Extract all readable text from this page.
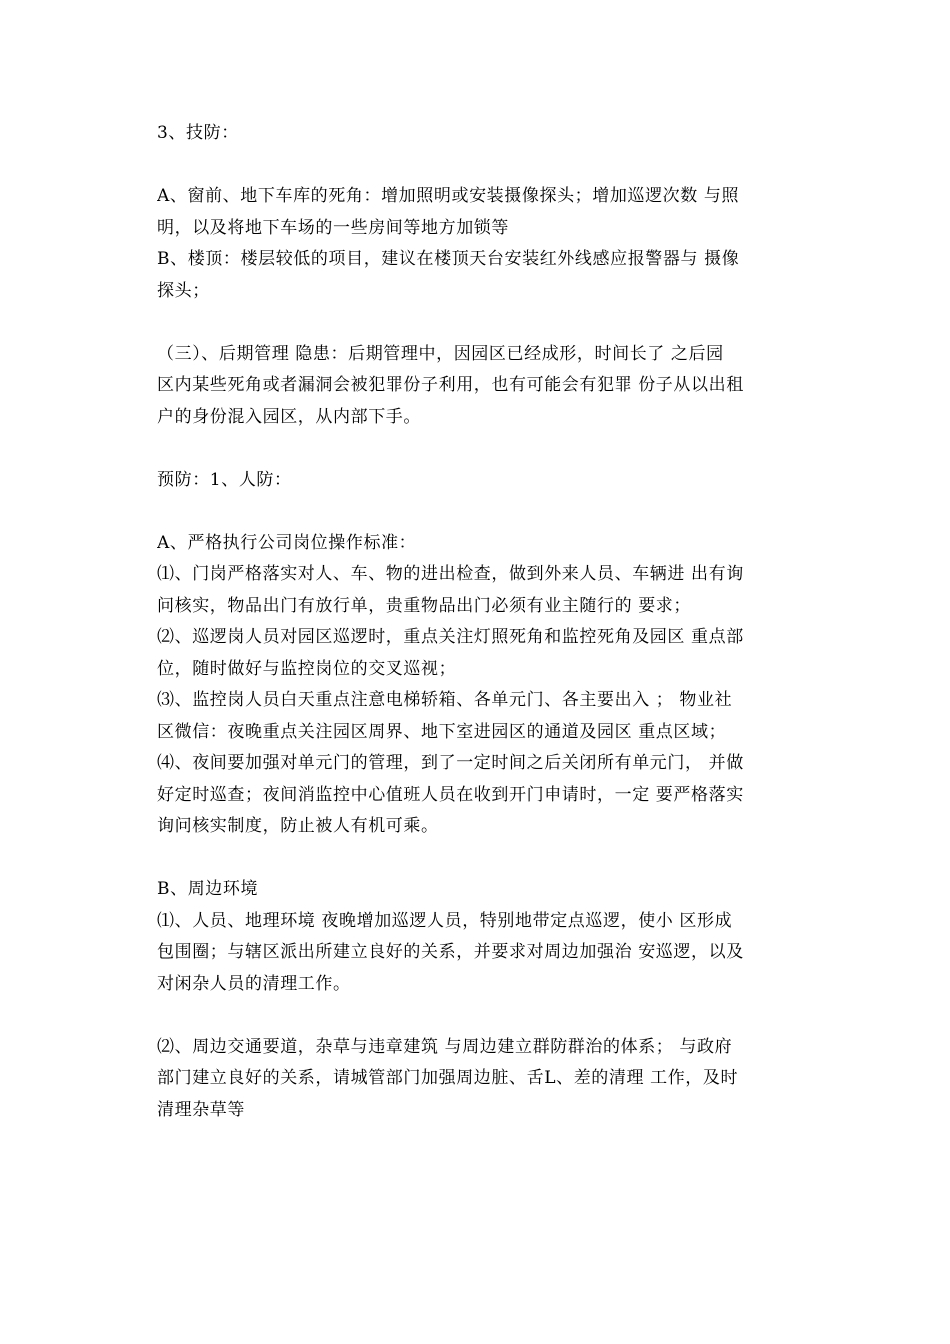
3、技防：
A、窗前、地下车库的死角：增加照明或安装摄像探头；增加巡逻次数 与照
明，以及将地下车场的一些房间等地方加锁等
B、楼顶：楼层较低的项目，建议在楼顶天台安装红外线感应报警器与 摄像
探头；
（三）、后期管理 隐患：后期管理中，因园区已经成形，时间长了 之后园
区内某些死角或者漏洞会被犯罪份子利用，也有可能会有犯罪 份子从以出租
户的身份混入园区，从内部下手。
预防：1、人防：
A、严格执行公司岗位操作标准：
⑴、门岗严格落实对人、车、物的进出检查，做到外来人员、车辆进 出有询
问核实，物品出门有放行单，贵重物品出门必须有业主随行的 要求；
⑵、巡逻岗人员对园区巡逻时，重点关注灯照死角和监控死角及园区 重点部
位，随时做好与监控岗位的交叉巡视；
⑶、监控岗人员白天重点注意电梯轿箱、各单元门、各主要出入 ； 物业社
区微信：夜晚重点关注园区周界、地下室进园区的通道及园区 重点区域；
⑷、夜间要加强对单元门的管理，到了一定时间之后关闭所有单元门， 并做
好定时巡查；夜间消监控中心值班人员在收到开门申请时，一定 要严格落实
询问核实制度，防止被人有机可乘。
B、周边环境
⑴、人员、地理环境 夜晚增加巡逻人员，特别地带定点巡逻，使小 区形成
包围圈；与辖区派出所建立良好的关系，并要求对周边加强治 安巡逻，以及
对闲杂人员的清理工作。
⑵、周边交通要道，杂草与违章建筑 与周边建立群防群治的体系； 与政府
部门建立良好的关系，请城管部门加强周边脏、舌L、差的清理 工作，及时
清理杂草等
